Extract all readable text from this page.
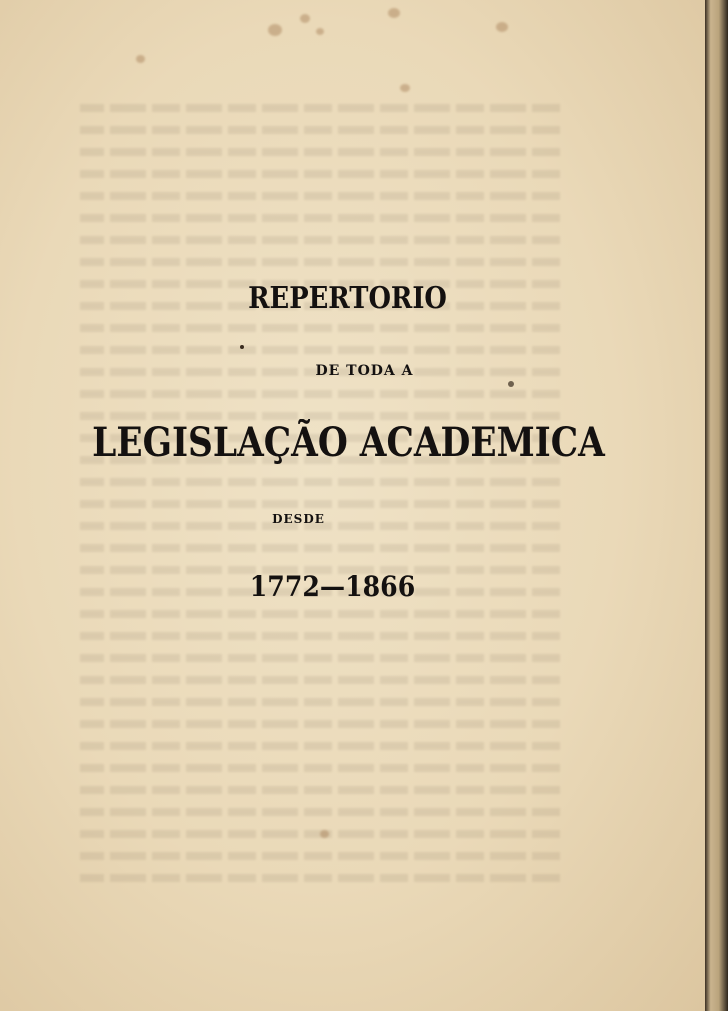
REPERTORIO
DE TODA A
LEGISLAÇÃO ACADEMICA
DESDE
1772—1866
